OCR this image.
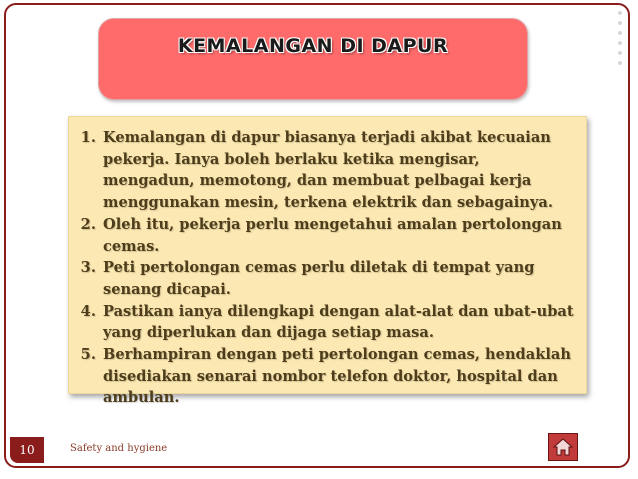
KEMALANGAN DI DAPUR
1. Kemalangan di dapur biasanya terjadi akibat kecuaian pekerja. Ianya boleh berlaku ketika mengisar, mengadun, memotong, dan membuat pelbagai kerja menggunakan mesin, terkena elektrik dan sebagainya.
2. Oleh itu, pekerja perlu mengetahui amalan pertolongan cemas.
3. Peti pertolongan cemas perlu diletak di tempat yang senang dicapai.
4. Pastikan ianya dilengkapi dengan alat-alat dan ubat-ubat yang diperlukan dan dijaga setiap masa.
5. Berhampiran dengan peti pertolongan cemas, hendaklah disediakan senarai nombor telefon doktor, hospital dan ambulan.
10	Safety and hygiene
